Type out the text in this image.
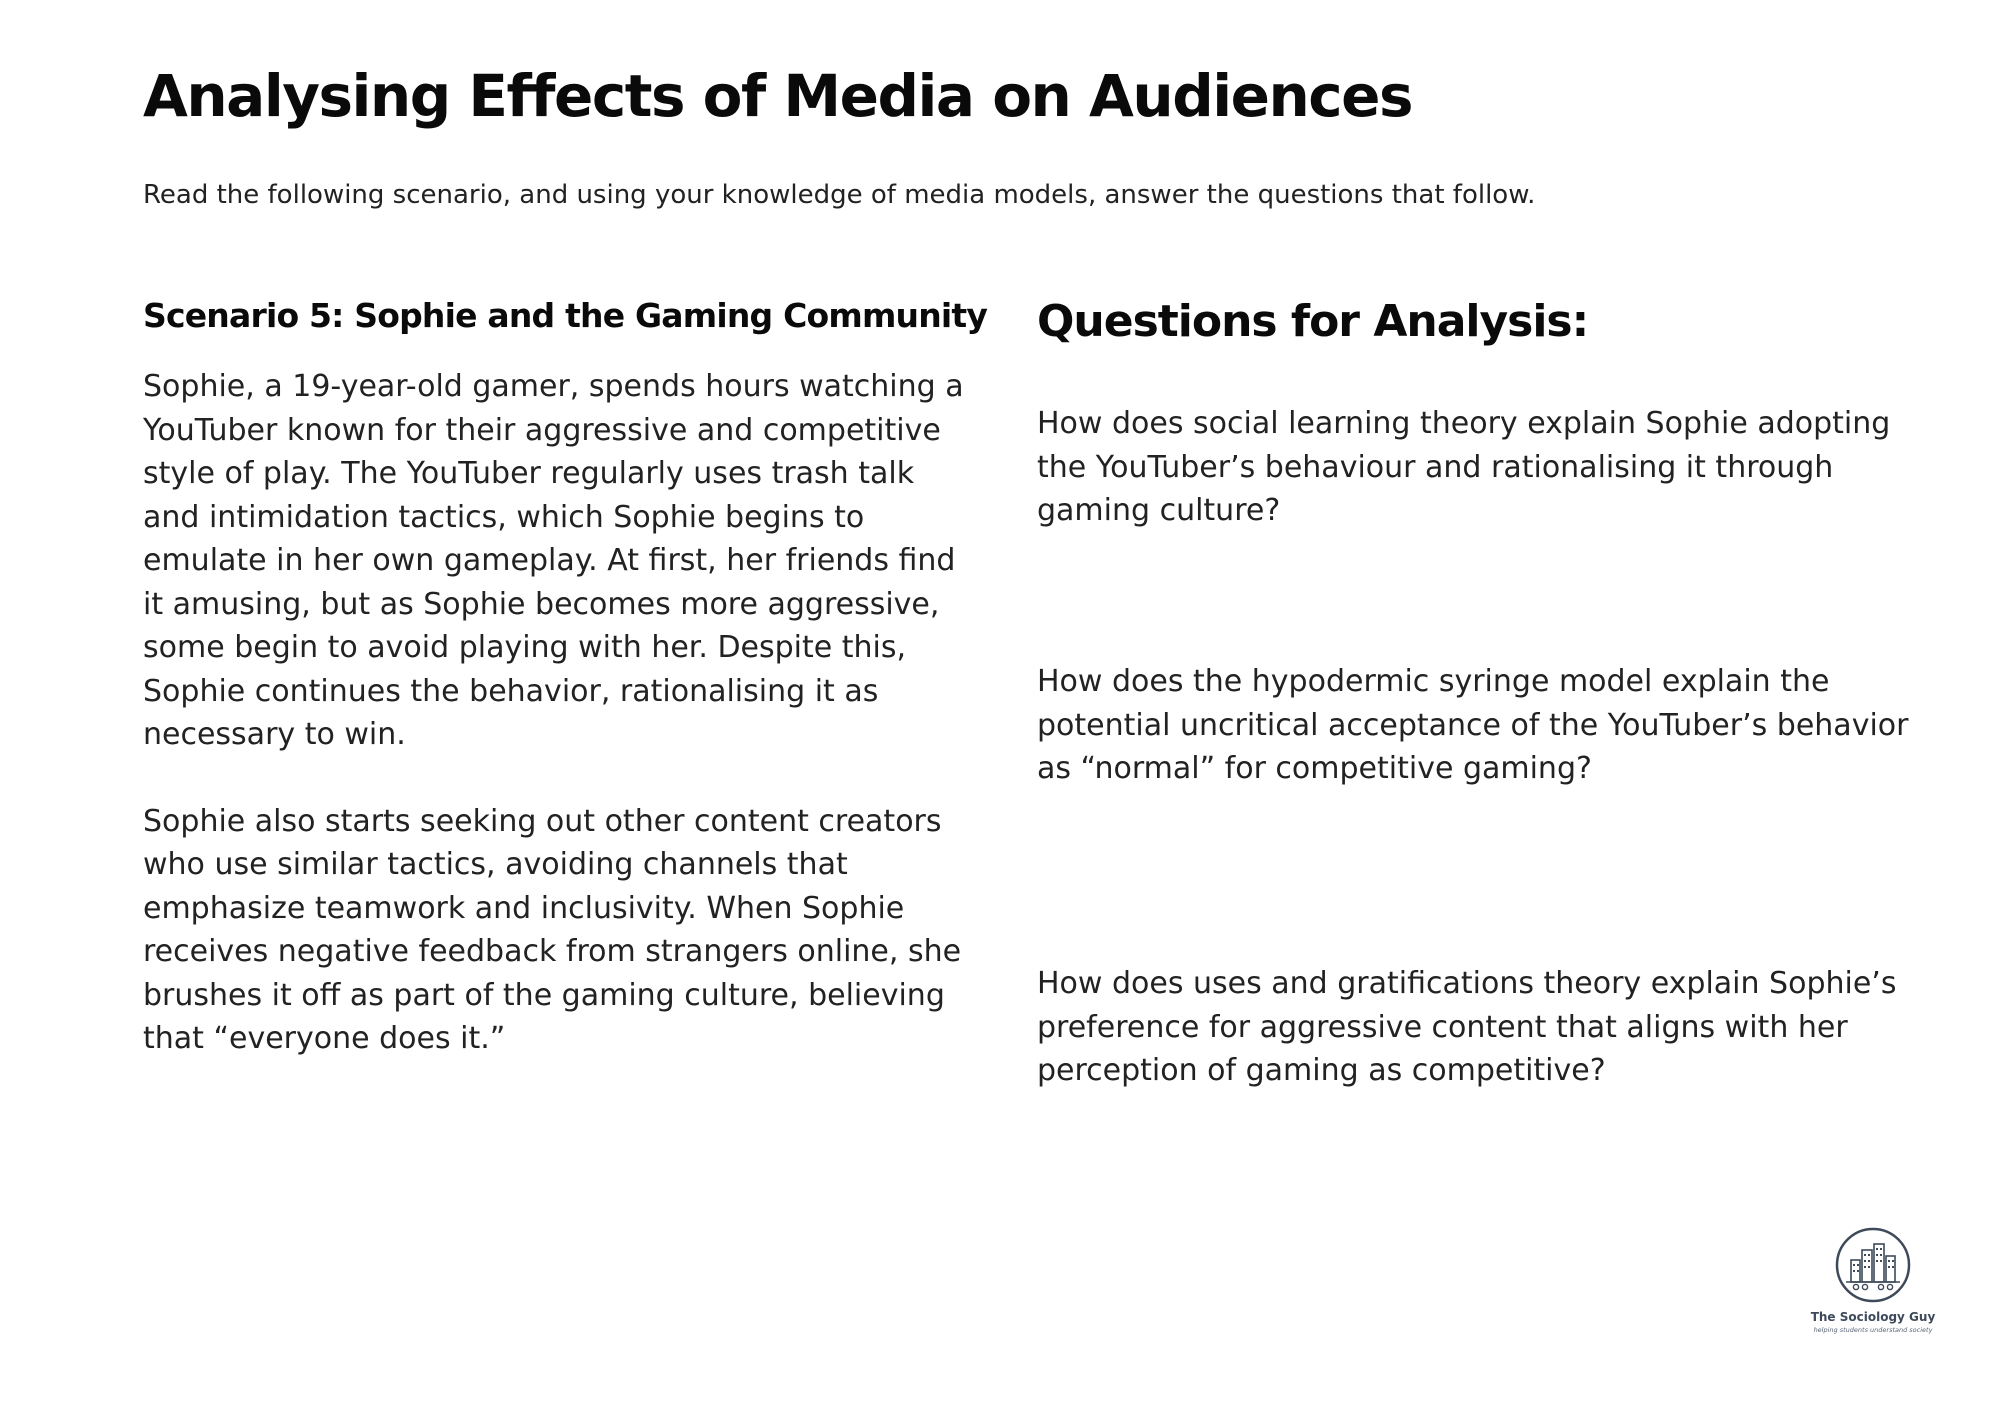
Analysing Effects of Media on Audiences

Read the following scenario, and using your knowledge of media models, answer the questions that follow.

Scenario 5: Sophie and the Gaming Community

Sophie, a 19-year-old gamer, spends hours watching a YouTuber known for their aggressive and competitive style of play. The YouTuber regularly uses trash talk and intimidation tactics, which Sophie begins to emulate in her own gameplay. At first, her friends find it amusing, but as Sophie becomes more aggressive, some begin to avoid playing with her. Despite this, Sophie continues the behavior, rationalising it as necessary to win.

Sophie also starts seeking out other content creators who use similar tactics, avoiding channels that emphasize teamwork and inclusivity. When Sophie receives negative feedback from strangers online, she brushes it off as part of the gaming culture, believing that “everyone does it.”

Questions for Analysis:

How does social learning theory explain Sophie adopting the YouTuber’s behaviour and rationalising it through gaming culture?

How does the hypodermic syringe model explain the potential uncritical acceptance of the YouTuber’s behavior as “normal” for competitive gaming?

How does uses and gratifications theory explain Sophie’s preference for aggressive content that aligns with her perception of gaming as competitive?

The Sociology Guy
helping students understand society
